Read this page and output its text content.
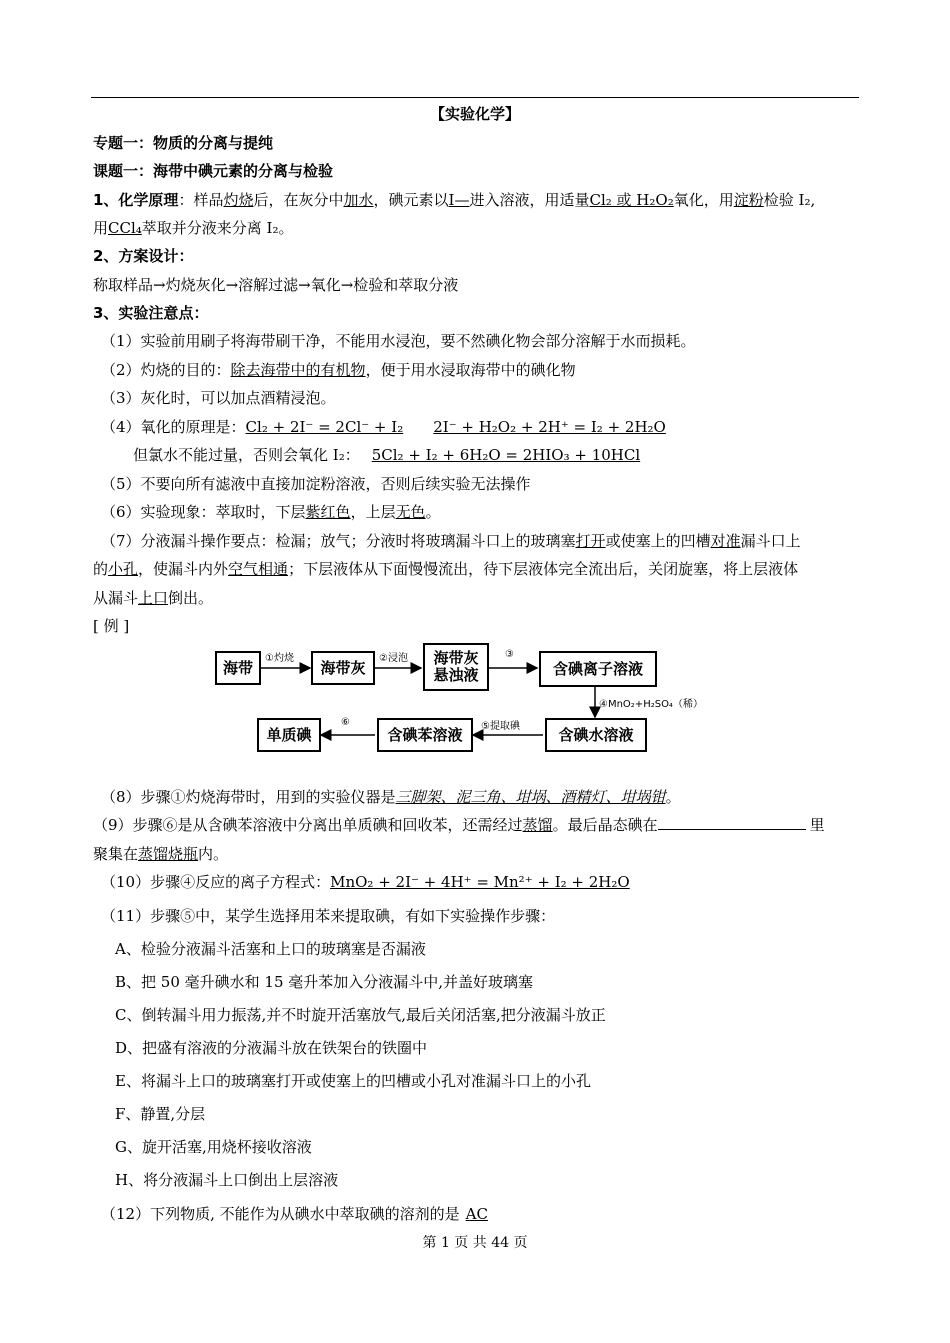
【实验化学】
专题一：物质的分离与提纯
课题一：海带中碘元素的分离与检验
1、化学原理：样品灼烧后，在灰分中加水，碘元素以I—进入溶液，用适量Cl₂ 或 H₂O₂氧化，用淀粉检验 I₂,
用CCl₄萃取并分液来分离 I₂。
2、方案设计：
称取样品→灼烧灰化→溶解过滤→氧化→检验和萃取分液
3、实验注意点：
（1）实验前用刷子将海带刷干净，不能用水浸泡，要不然碘化物会部分溶解于水而损耗。
（2）灼烧的目的：除去海带中的有机物，便于用水浸取海带中的碘化物
（3）灰化时，可以加点酒精浸泡。
（4）氧化的原理是：Cl₂ + 2I⁻ = 2Cl⁻ + I₂ 2I⁻ + H₂O₂ + 2H⁺ = I₂ + 2H₂O
但氯水不能过量，否则会氧化 I₂： 5Cl₂ + I₂ + 6H₂O = 2HIO₃ + 10HCl
（5）不要向所有滤液中直接加淀粉溶液，否则后续实验无法操作
（6）实验现象：萃取时，下层紫红色，上层无色。
（7）分液漏斗操作要点：检漏；放气；分液时将玻璃漏斗口上的玻璃塞打开或使塞上的凹槽对准漏斗口上
的小孔，使漏斗内外空气相通；下层液体从下面慢慢流出，待下层液体完全流出后，关闭旋塞，将上层液体
从漏斗上口倒出。
[ 例 ]
海带	海带灰
海带灰
悬浊液	含碘离子溶液
含碘水溶液
含碘苯溶液
单质碘
①灼烧	②浸泡	③
④MnO₂+H₂SO₄（稀）
⑤提取碘
⑥
（8）步骤①灼烧海带时，用到的实验仪器是三脚架、泥三角、坩埚、酒精灯、坩埚钳。
（9）步骤⑥是从含碘苯溶液中分离出单质碘和回收苯，还需经过蒸馏。最后晶态碘在	里
聚集在蒸馏烧瓶内。
（10）步骤④反应的离子方程式：MnO₂ + 2I⁻ + 4H⁺ = Mn²⁺ + I₂ + 2H₂O
（11）步骤⑤中，某学生选择用苯来提取碘，有如下实验操作步骤：
A、检验分液漏斗活塞和上口的玻璃塞是否漏液
B、把 50 毫升碘水和 15 毫升苯加入分液漏斗中,并盖好玻璃塞
C、倒转漏斗用力振荡,并不时旋开活塞放气,最后关闭活塞,把分液漏斗放正
D、把盛有溶液的分液漏斗放在铁架台的铁圈中
E、将漏斗上口的玻璃塞打开或使塞上的凹槽或小孔对准漏斗口上的小孔
F、静置,分层
G、旋开活塞,用烧杯接收溶液
H、将分液漏斗上口倒出上层溶液
（12）下列物质, 不能作为从碘水中萃取碘的溶剂的是 AC
第 1 页 共 44 页
